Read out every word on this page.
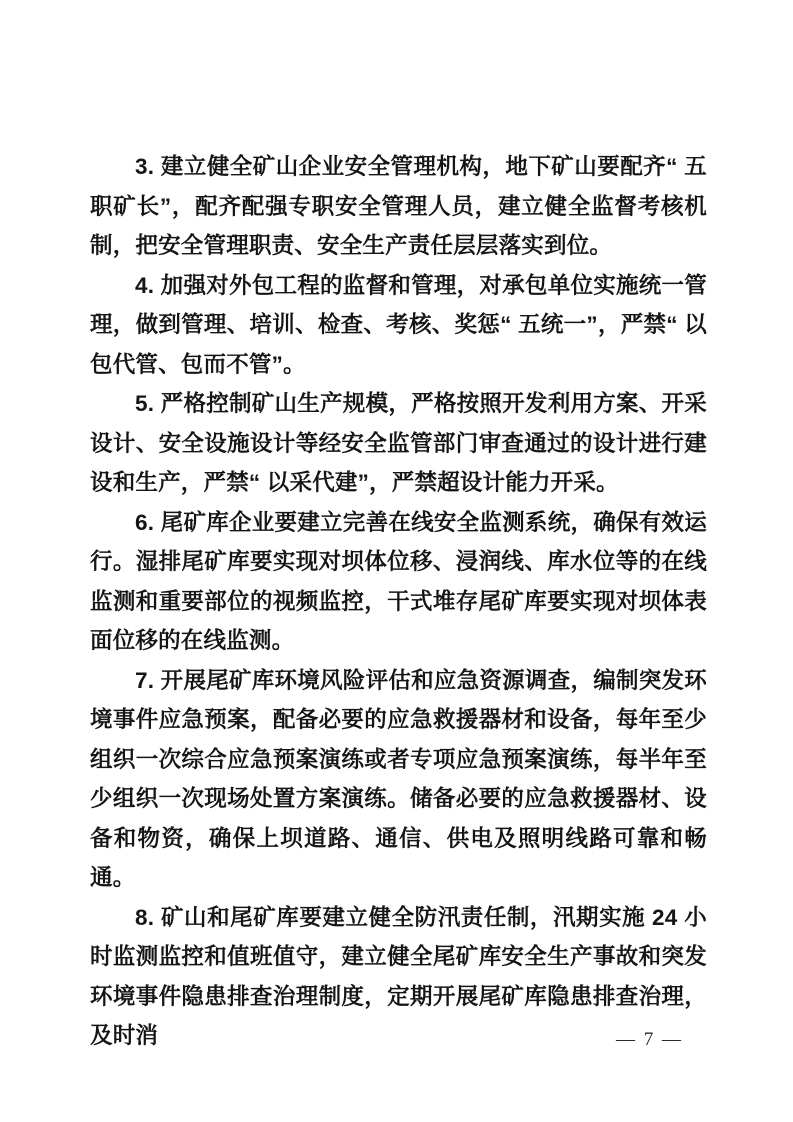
3. 建立健全矿山企业安全管理机构，地下矿山要配齐“ 五职矿长”，配齐配强专职安全管理人员，建立健全监督考核机制，把安全管理职责、安全生产责任层层落实到位。

4. 加强对外包工程的监督和管理，对承包单位实施统一管理，做到管理、培训、检查、考核、奖惩“ 五统一”，严禁“ 以包代管、包而不管”。

5. 严格控制矿山生产规模，严格按照开发利用方案、开采设计、安全设施设计等经安全监管部门审查通过的设计进行建设和生产，严禁“ 以采代建”，严禁超设计能力开采。

6. 尾矿库企业要建立完善在线安全监测系统，确保有效运行。湿排尾矿库要实现对坝体位移、浸润线、库水位等的在线监测和重要部位的视频监控，干式堆存尾矿库要实现对坝体表面位移的在线监测。

7. 开展尾矿库环境风险评估和应急资源调查，编制突发环境事件应急预案，配备必要的应急救援器材和设备，每年至少组织一次综合应急预案演练或者专项应急预案演练，每半年至少组织一次现场处置方案演练。储备必要的应急救援器材、设备和物资，确保上坝道路、通信、供电及照明线路可靠和畅通。

8. 矿山和尾矿库要建立健全防汛责任制，汛期实施 24 小时监测监控和值班值守，建立健全尾矿库安全生产事故和突发环境事件隐患排查治理制度，定期开展尾矿库隐患排查治理，及时消	— 7 —
